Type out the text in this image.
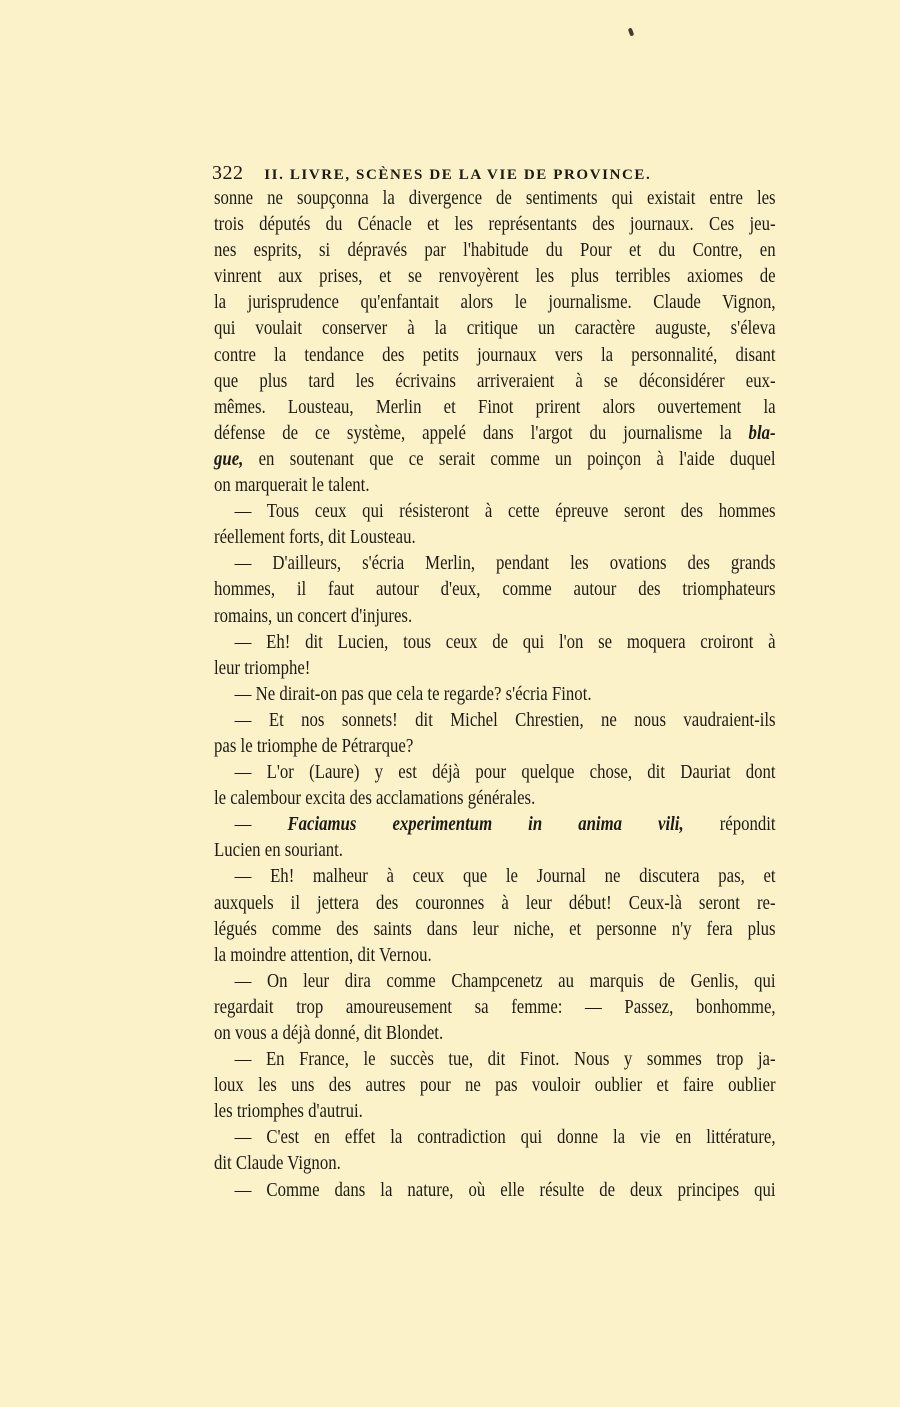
322 II. LIVRE, SCÈNES DE LA VIE DE PROVINCE.
sonne ne soupçonna la divergence de sentiments qui existait entre les
trois députés du Cénacle et les représentants des journaux. Ces jeu-
nes esprits, si dépravés par l'habitude du Pour et du Contre, en
vinrent aux prises, et se renvoyèrent les plus terribles axiomes de
la jurisprudence qu'enfantait alors le journalisme. Claude Vignon,
qui voulait conserver à la critique un caractère auguste, s'éleva
contre la tendance des petits journaux vers la personnalité, disant
que plus tard les écrivains arriveraient à se déconsidérer eux-
mêmes. Lousteau, Merlin et Finot prirent alors ouvertement la
défense de ce système, appelé dans l'argot du journalisme la bla-
gue, en soutenant que ce serait comme un poinçon à l'aide duquel
on marquerait le talent.
— Tous ceux qui résisteront à cette épreuve seront des hommes
réellement forts, dit Lousteau.
— D'ailleurs, s'écria Merlin, pendant les ovations des grands
hommes, il faut autour d'eux, comme autour des triomphateurs
romains, un concert d'injures.
— Eh! dit Lucien, tous ceux de qui l'on se moquera croiront à
leur triomphe!
— Ne dirait-on pas que cela te regarde? s'écria Finot.
— Et nos sonnets! dit Michel Chrestien, ne nous vaudraient-ils
pas le triomphe de Pétrarque?
— L'or (Laure) y est déjà pour quelque chose, dit Dauriat dont
le calembour excita des acclamations générales.
— Faciamus experimentum in anima vili, répondit
Lucien en souriant.
— Eh! malheur à ceux que le Journal ne discutera pas, et
auxquels il jettera des couronnes à leur début! Ceux-là seront re-
légués comme des saints dans leur niche, et personne n'y fera plus
la moindre attention, dit Vernou.
— On leur dira comme Champcenetz au marquis de Genlis, qui
regardait trop amoureusement sa femme: — Passez, bonhomme,
on vous a déjà donné, dit Blondet.
— En France, le succès tue, dit Finot. Nous y sommes trop ja-
loux les uns des autres pour ne pas vouloir oublier et faire oublier
les triomphes d'autrui.
— C'est en effet la contradiction qui donne la vie en littérature,
dit Claude Vignon.
— Comme dans la nature, où elle résulte de deux principes qui
